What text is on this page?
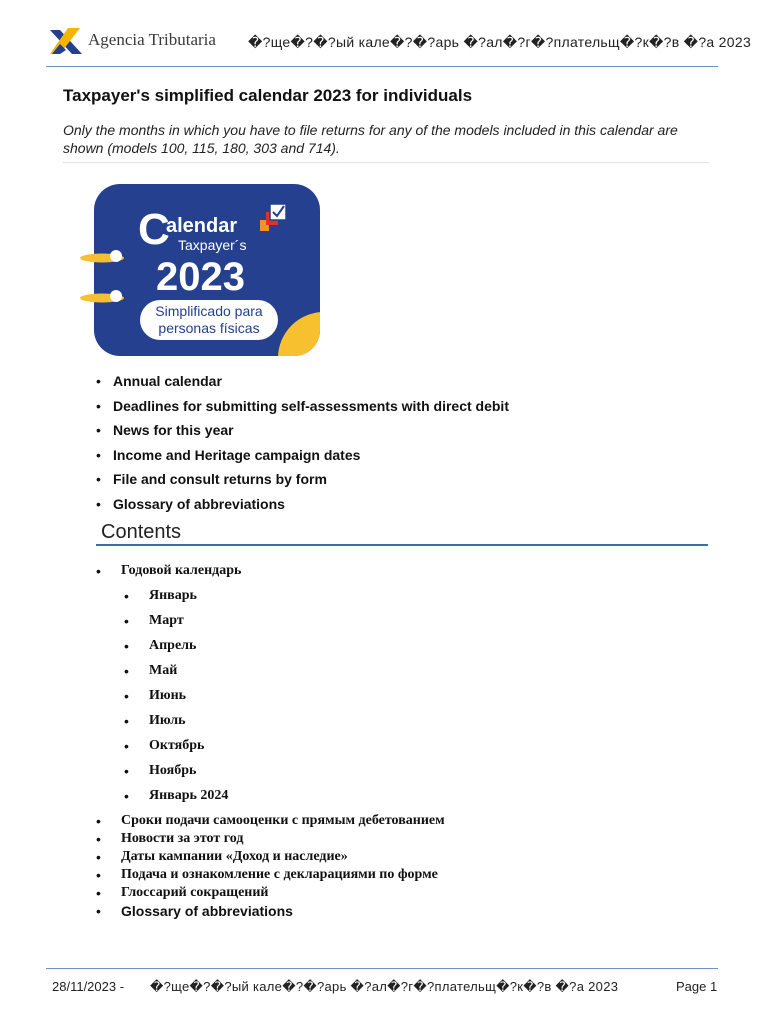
Agencia Tributaria �?ще�?�?ый кале�?�?арь �?ал�?г�?плательщ�?к�?в �?а 2023
Taxpayer's simplified calendar 2023 for individuals
Only the months in which you have to file returns for any of the models included in this calendar are shown (models 100, 115, 180, 303 and 714).
C
alendar
Taxpayer´s
2023
Simplificado para
personas físicas
• Annual calendar
• Deadlines for submitting self-assessments with direct debit
• News for this year
• Income and Heritage campaign dates
• File and consult returns by form
• Glossary of abbreviations
Contents
• Годовой календарь
• Январь
• Март
• Апрель
• Май
• Июнь
• Июль
• Октябрь
• Ноябрь
• Январь 2024
• Сроки подачи самооценки с прямым дебетованием
• Новости за этот год
• Даты кампании «Доход и наследие»
• Подача и ознакомление с декларациями по форме
• Глоссарий сокращений
• Glossary of abbreviations
28/11/2023 - �?ще�?�?ый кале�?�?арь �?ал�?г�?плательщ�?к�?в �?а 2023	Page 1
